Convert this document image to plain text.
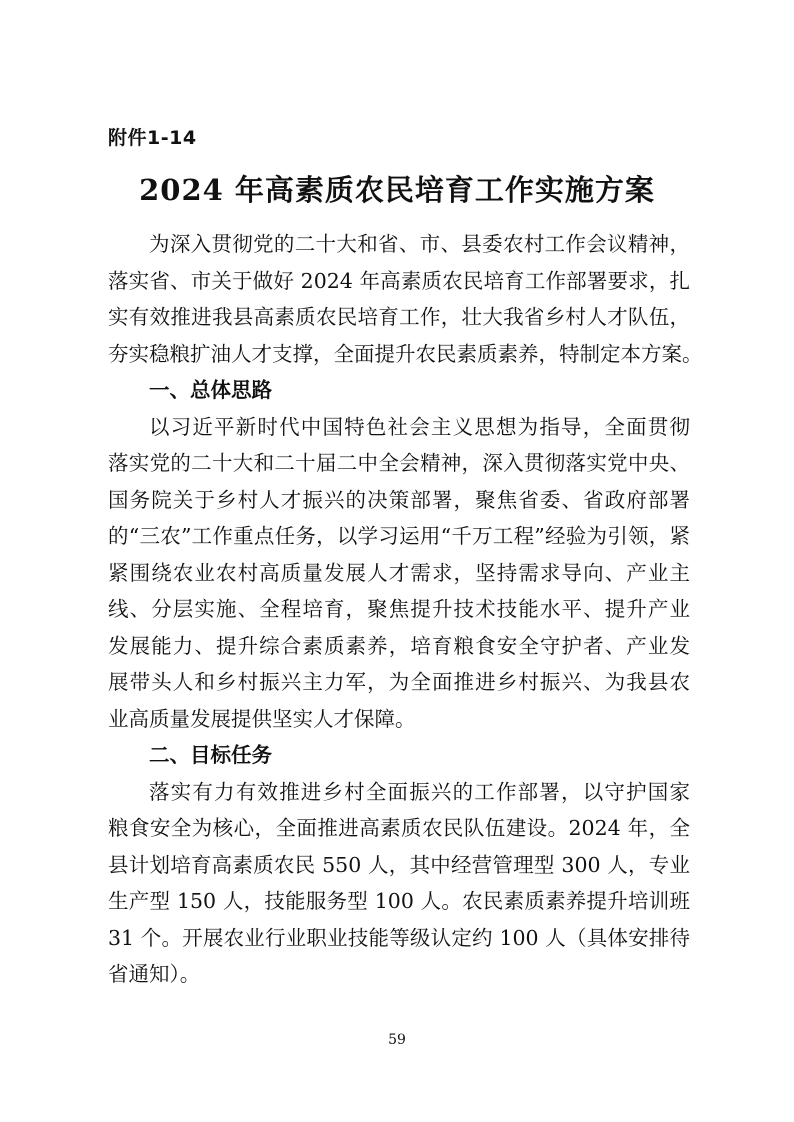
附件1-14
2024 年高素质农民培育工作实施方案
为深入贯彻党的二十大和省、市、县委农村工作会议精神，
落实省、市关于做好 2024 年高素质农民培育工作部署要求，扎
实有效推进我县高素质农民培育工作，壮大我省乡村人才队伍，
夯实稳粮扩油人才支撑，全面提升农民素质素养，特制定本方案。
一、总体思路
以习近平新时代中国特色社会主义思想为指导，全面贯彻
落实党的二十大和二十届二中全会精神，深入贯彻落实党中央、
国务院关于乡村人才振兴的决策部署，聚焦省委、省政府部署
的“三农”工作重点任务，以学习运用“千万工程”经验为引领，紧
紧围绕农业农村高质量发展人才需求，坚持需求导向、产业主
线、分层实施、全程培育，聚焦提升技术技能水平、提升产业
发展能力、提升综合素质素养，培育粮食安全守护者、产业发
展带头人和乡村振兴主力军，为全面推进乡村振兴、为我县农
业高质量发展提供坚实人才保障。
二、目标任务
落实有力有效推进乡村全面振兴的工作部署，以守护国家
粮食安全为核心，全面推进高素质农民队伍建设。2024 年，全
县计划培育高素质农民 550 人，其中经营管理型 300 人，专业
生产型 150 人，技能服务型 100 人。农民素质素养提升培训班
31 个。开展农业行业职业技能等级认定约 100 人（具体安排待
省通知）。
59
